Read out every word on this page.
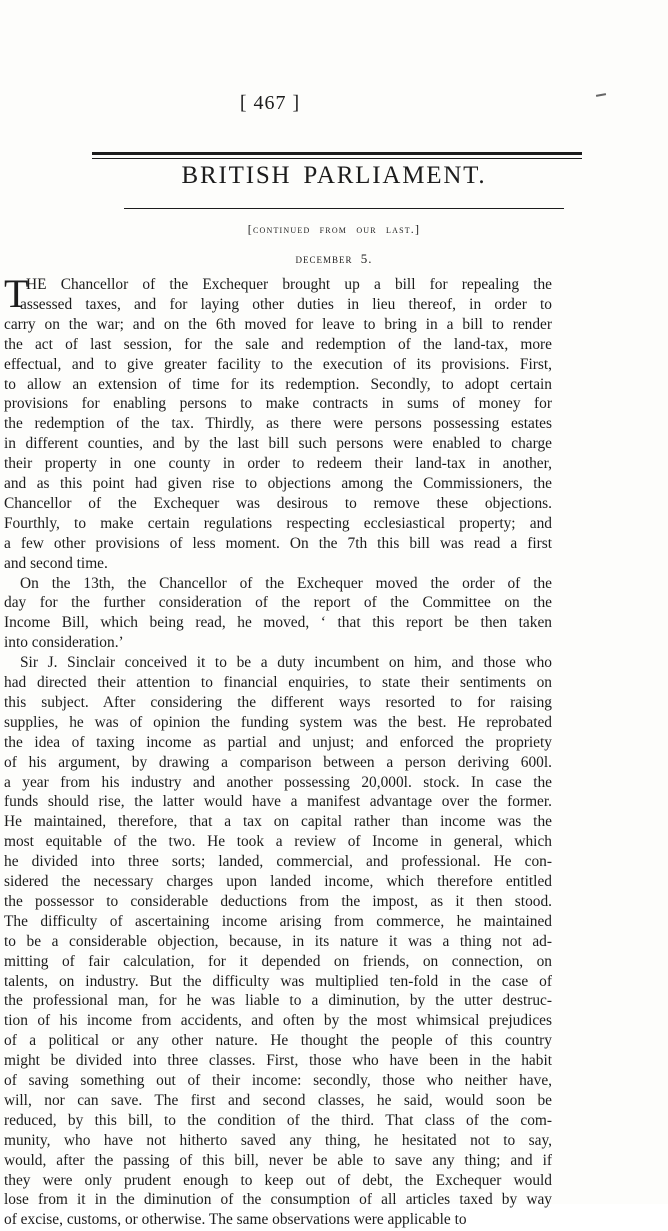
[ 467 ]
BRITISH PARLIAMENT.
[continued from our last.]
december 5.
T
HE Chancellor of the Exchequer brought up a bill for repealing the
assessed taxes, and for laying other duties in lieu thereof, in order to
carry on the war; and on the 6th moved for leave to bring in a bill to render
the act of last session, for the sale and redemption of the land-tax, more
effectual, and to give greater facility to the execution of its provisions. First,
to allow an extension of time for its redemption. Secondly, to adopt certain
provisions for enabling persons to make contracts in sums of money for
the redemption of the tax. Thirdly, as there were persons possessing estates
in different counties, and by the last bill such persons were enabled to charge
their property in one county in order to redeem their land-tax in another,
and as this point had given rise to objections among the Commissioners, the
Chancellor of the Exchequer was desirous to remove these objections.
Fourthly, to make certain regulations respecting ecclesiastical property; and
a few other provisions of less moment. On the 7th this bill was read a first
and second time.
On the 13th, the Chancellor of the Exchequer moved the order of the
day for the further consideration of the report of the Committee on the
Income Bill, which being read, he moved, ‘ that this report be then taken
into consideration.’
Sir J. Sinclair conceived it to be a duty incumbent on him, and those who
had directed their attention to financial enquiries, to state their sentiments on
this subject. After considering the different ways resorted to for raising
supplies, he was of opinion the funding system was the best. He reprobated
the idea of taxing income as partial and unjust; and enforced the propriety
of his argument, by drawing a comparison between a person deriving 600l.
a year from his industry and another possessing 20,000l. stock. In case the
funds should rise, the latter would have a manifest advantage over the former.
He maintained, therefore, that a tax on capital rather than income was the
most equitable of the two. He took a review of Income in general, which
he divided into three sorts; landed, commercial, and professional. He con-
sidered the necessary charges upon landed income, which therefore entitled
the possessor to considerable deductions from the impost, as it then stood.
The difficulty of ascertaining income arising from commerce, he maintained
to be a considerable objection, because, in its nature it was a thing not ad-
mitting of fair calculation, for it depended on friends, on connection, on
talents, on industry. But the difficulty was multiplied ten-fold in the case of
the professional man, for he was liable to a diminution, by the utter destruc-
tion of his income from accidents, and often by the most whimsical prejudices
of a political or any other nature. He thought the people of this country
might be divided into three classes. First, those who have been in the habit
of saving something out of their income: secondly, those who neither have,
will, nor can save. The first and second classes, he said, would soon be
reduced, by this bill, to the condition of the third. That class of the com-
munity, who have not hitherto saved any thing, he hesitated not to say,
would, after the passing of this bill, never be able to save any thing; and if
they were only prudent enough to keep out of debt, the Exchequer would
lose from it in the diminution of the consumption of all articles taxed by way
of excise, customs, or otherwise. The same observations were applicable to
